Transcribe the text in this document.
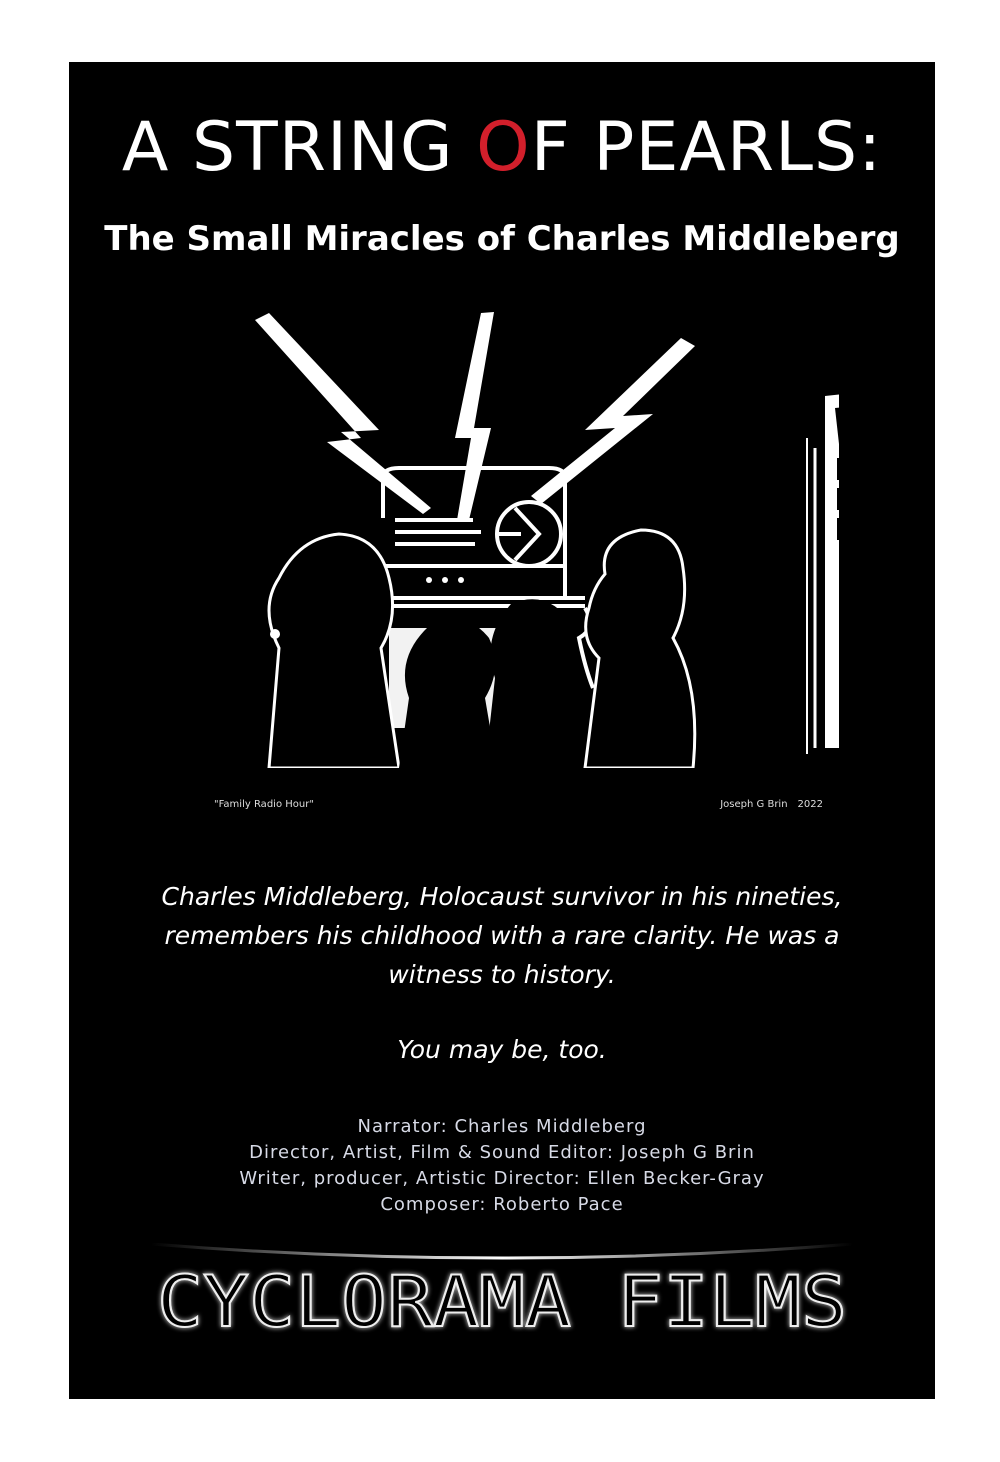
A STRING OF PEARLS:
The Small Miracles of Charles Middleberg
"Family Radio Hour"	Joseph G Brin 2022

Charles Middleberg, Holocaust survivor in his nineties, remembers his childhood with a rare clarity. He was a witness to history.

You may be, too.

Narrator: Charles Middleberg
Director, Artist, Film & Sound Editor: Joseph G Brin
Writer, producer, Artistic Director: Ellen Becker-Gray
Composer: Roberto Pace
CYCLORAMA FILMS
